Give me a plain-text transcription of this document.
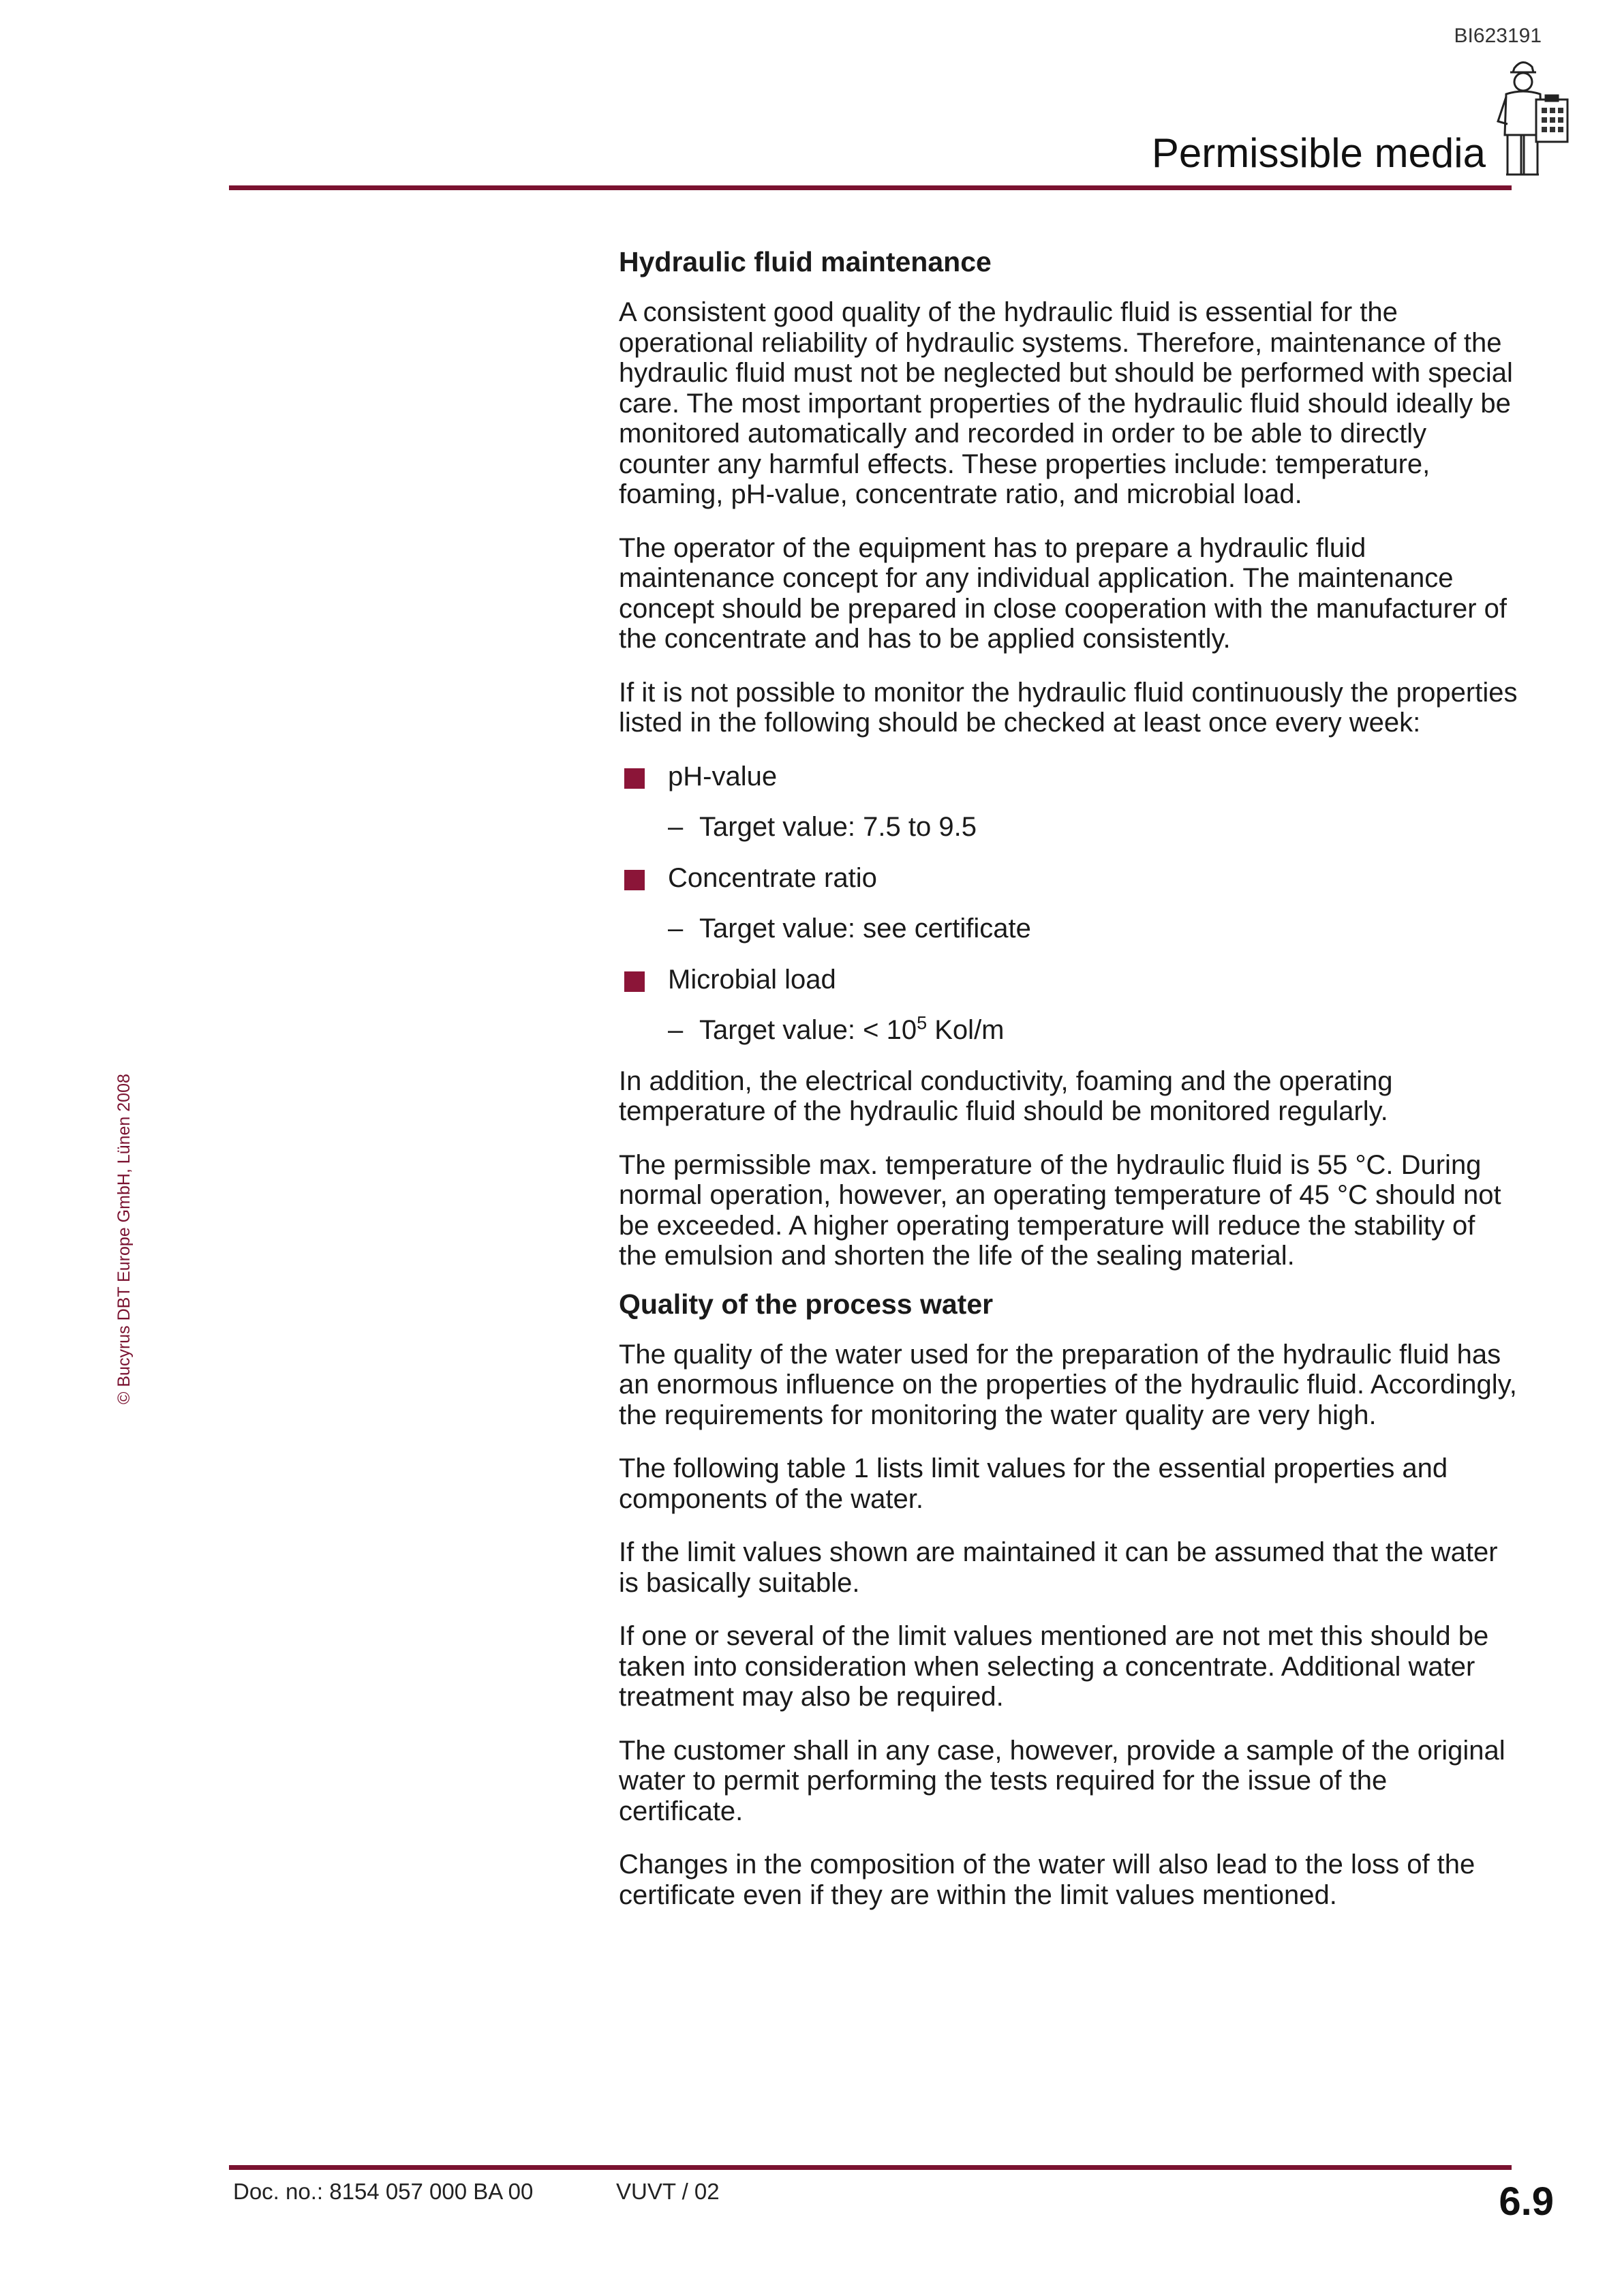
BI623191
Permissible media
© Bucyrus DBT Europe GmbH, Lünen 2008
Hydraulic fluid maintenance

A consistent good quality of the hydraulic fluid is essential for the operational reliability of hydraulic systems. Therefore, maintenance of the hydraulic fluid must not be neglected but should be performed with special care. The most important properties of the hydraulic fluid should ideally be monitored automatically and recorded in order to be able to directly counter any harmful effects. These properties include: temperature, foaming, pH-value, concentrate ratio, and microbial load.

The operator of the equipment has to prepare a hydraulic fluid maintenance concept for any individual application. The maintenance concept should be prepared in close cooperation with the manufacturer of the concentrate and has to be applied consistently.

If it is not possible to monitor the hydraulic fluid continuously the properties listed in the following should be checked at least once every week:

pH-value
– Target value: 7.5 to 9.5
Concentrate ratio
– Target value: see certificate
Microbial load
– Target value: < $10^5$ Kol/m

In addition, the electrical conductivity, foaming and the operating temperature of the hydraulic fluid should be monitored regularly.

The permissible max. temperature of the hydraulic fluid is 55 °C. During normal operation, however, an operating temperature of 45 °C should not be exceeded. A higher operating temperature will reduce the stability of the emulsion and shorten the life of the sealing material.

Quality of the process water

The quality of the water used for the preparation of the hydraulic fluid has an enormous influence on the properties of the hydraulic fluid. Accordingly, the requirements for monitoring the water quality are very high.

The following table 1 lists limit values for the essential properties and components of the water.

If the limit values shown are maintained it can be assumed that the water is basically suitable.

If one or several of the limit values mentioned are not met this should be taken into consideration when selecting a concentrate. Additional water treatment may also be required.

The customer shall in any case, however, provide a sample of the original water to permit performing the tests required for the issue of the certificate.

Changes in the composition of the water will also lead to the loss of the certificate even if they are within the limit values mentioned.

Doc. no.: 8154 057 000 BA 00	VUVT / 02	6.9
